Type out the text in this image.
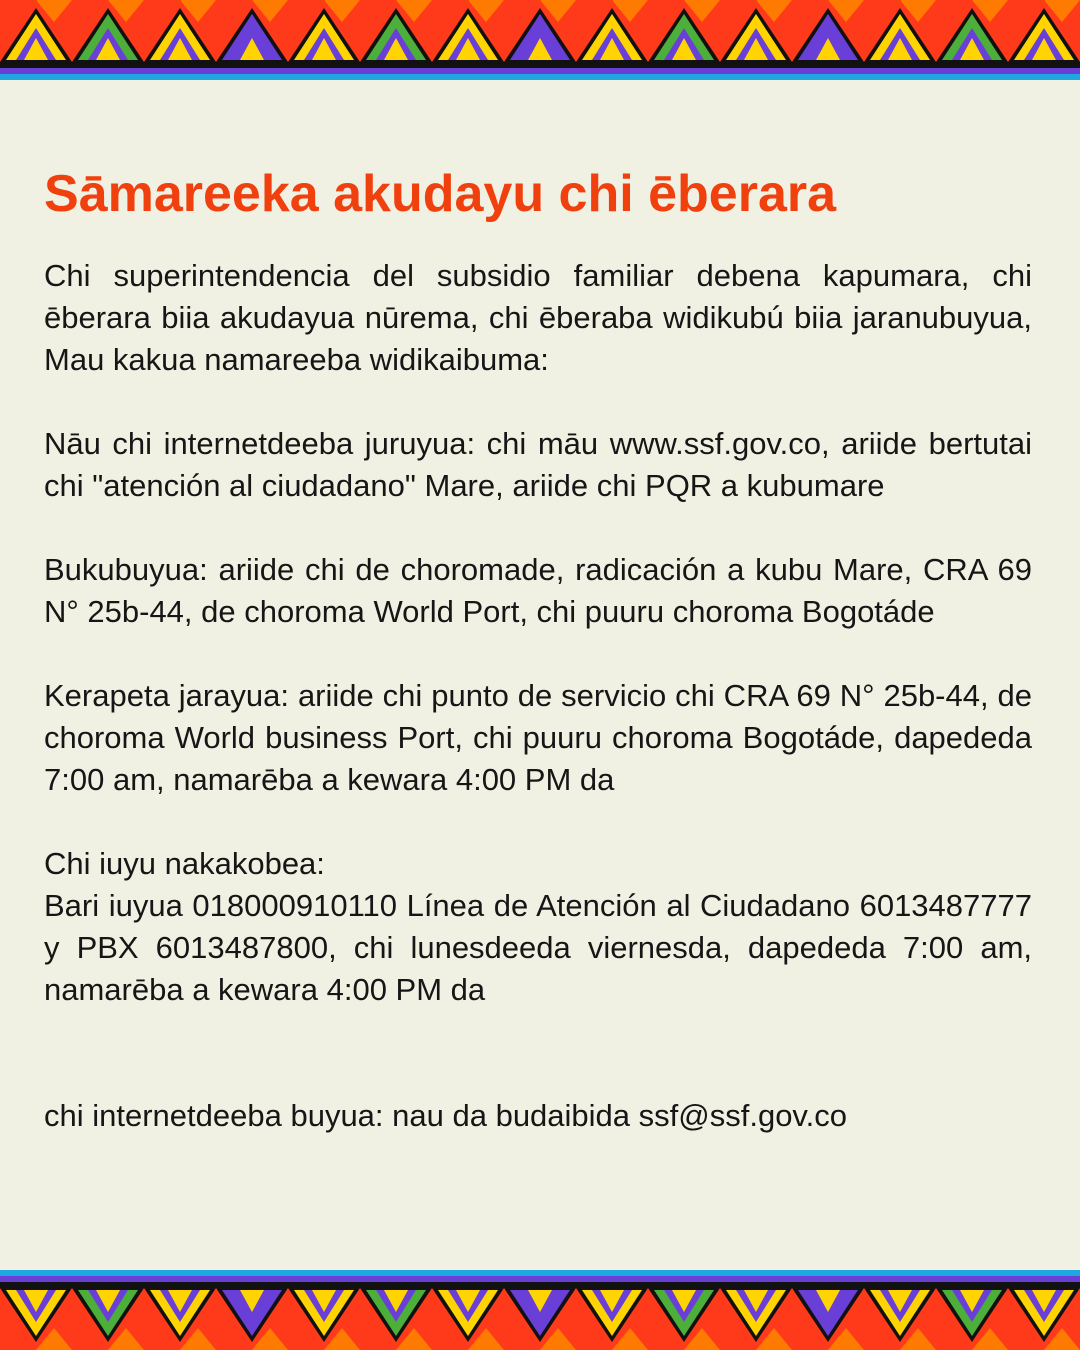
Sāmareeka akudayu chi ēberara

Chi superintendencia del subsidio familiar debena kapumara, chi ēberara biia akudayua nūrema, chi ēberaba widikubú biia jaranubuyua, Mau kakua namareeba widikaibuma:

Nāu chi internetdeeba juruyua: chi māu www.ssf.gov.co, ariide bertutai chi "atención al ciudadano" Mare, ariide chi PQR a kubumare

Bukubuyua: ariide chi de choromade, radicación a kubu Mare, CRA 69 N° 25b-44, de choroma World Port, chi puuru choroma Bogotáde

Kerapeta jarayua: ariide chi punto de servicio chi CRA 69 N° 25b-44, de choroma World business Port, chi puuru choroma Bogotáde, dapededa 7:00 am, namarēba a kewara 4:00 PM da

Chi iuyu nakakobea:

Bari iuyua 018000910110 Línea de Atención al Ciudadano 6013487777 y PBX 6013487800, chi lunesdeeda viernesda, dapededa 7:00 am, namarēba a kewara 4:00 PM da

chi internetdeeba buyua: nau da budaibida ssf@ssf.gov.co
